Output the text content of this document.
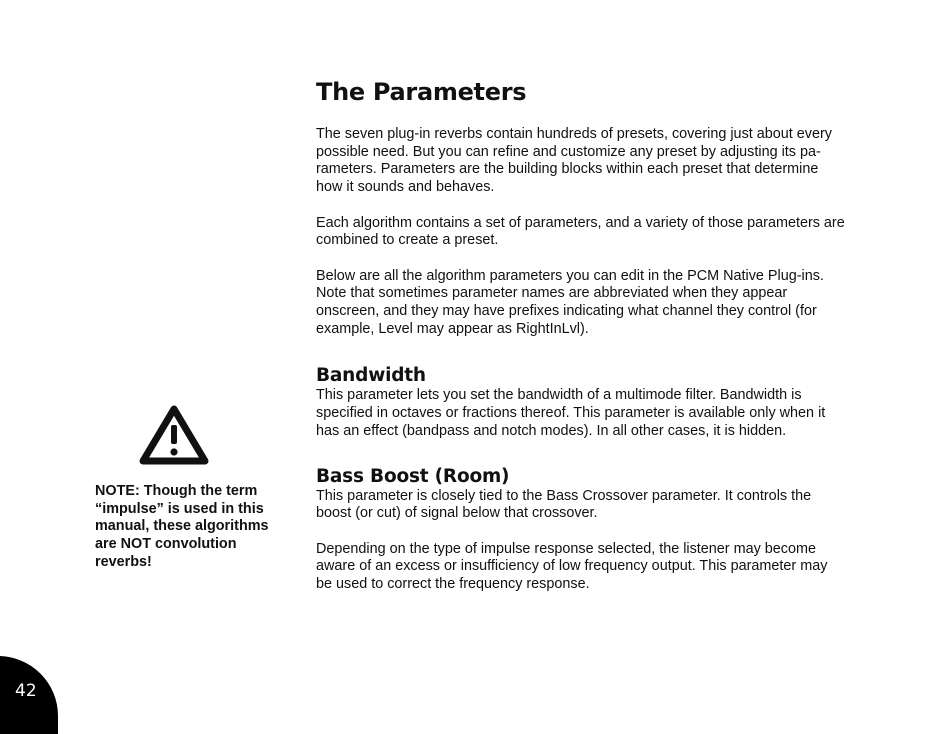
The Parameters

The seven plug-in reverbs contain hundreds of presets, covering just about every possible need. But you can refine and customize any preset by adjusting its pa-rameters. Parameters are the building blocks within each preset that determine how it sounds and behaves.

Each algorithm contains a set of parameters, and a variety of those parameters are combined to create a preset.

Below are all the algorithm parameters you can edit in the PCM Native Plug-ins. Note that sometimes parameter names are abbreviated when they appear onscreen, and they may have prefixes indicating what channel they control (for example, Level may appear as RightInLvl).

Bandwidth

This parameter lets you set the bandwidth of a multimode filter. Bandwidth is specified in octaves or fractions thereof. This parameter is available only when it has an effect (bandpass and notch modes). In all other cases, it is hidden.

Bass Boost (Room)

This parameter is closely tied to the Bass Crossover parameter. It controls the boost (or cut) of signal below that crossover.

Depending on the type of impulse response selected, the listener may become aware of an excess or insufficiency of low frequency output. This parameter may be used to correct the frequency response.

NOTE: Though the term “impulse” is used in this manual, these algorithms are NOT convolution reverbs!

42
